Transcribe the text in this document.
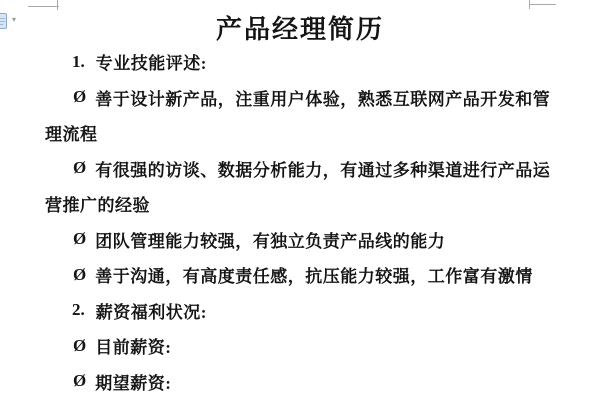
▾	产品经理简历
1. 专业技能评述:
Ø 善于设计新产品，注重用户体验，熟悉互联网产品开发和管
理流程
Ø 有很强的访谈、数据分析能力，有通过多种渠道进行产品运
营推广的经验
Ø 团队管理能力较强，有独立负责产品线的能力
Ø 善于沟通，有高度责任感，抗压能力较强，工作富有激情
2. 薪资福利状况:
Ø 目前薪资:
Ø 期望薪资:
